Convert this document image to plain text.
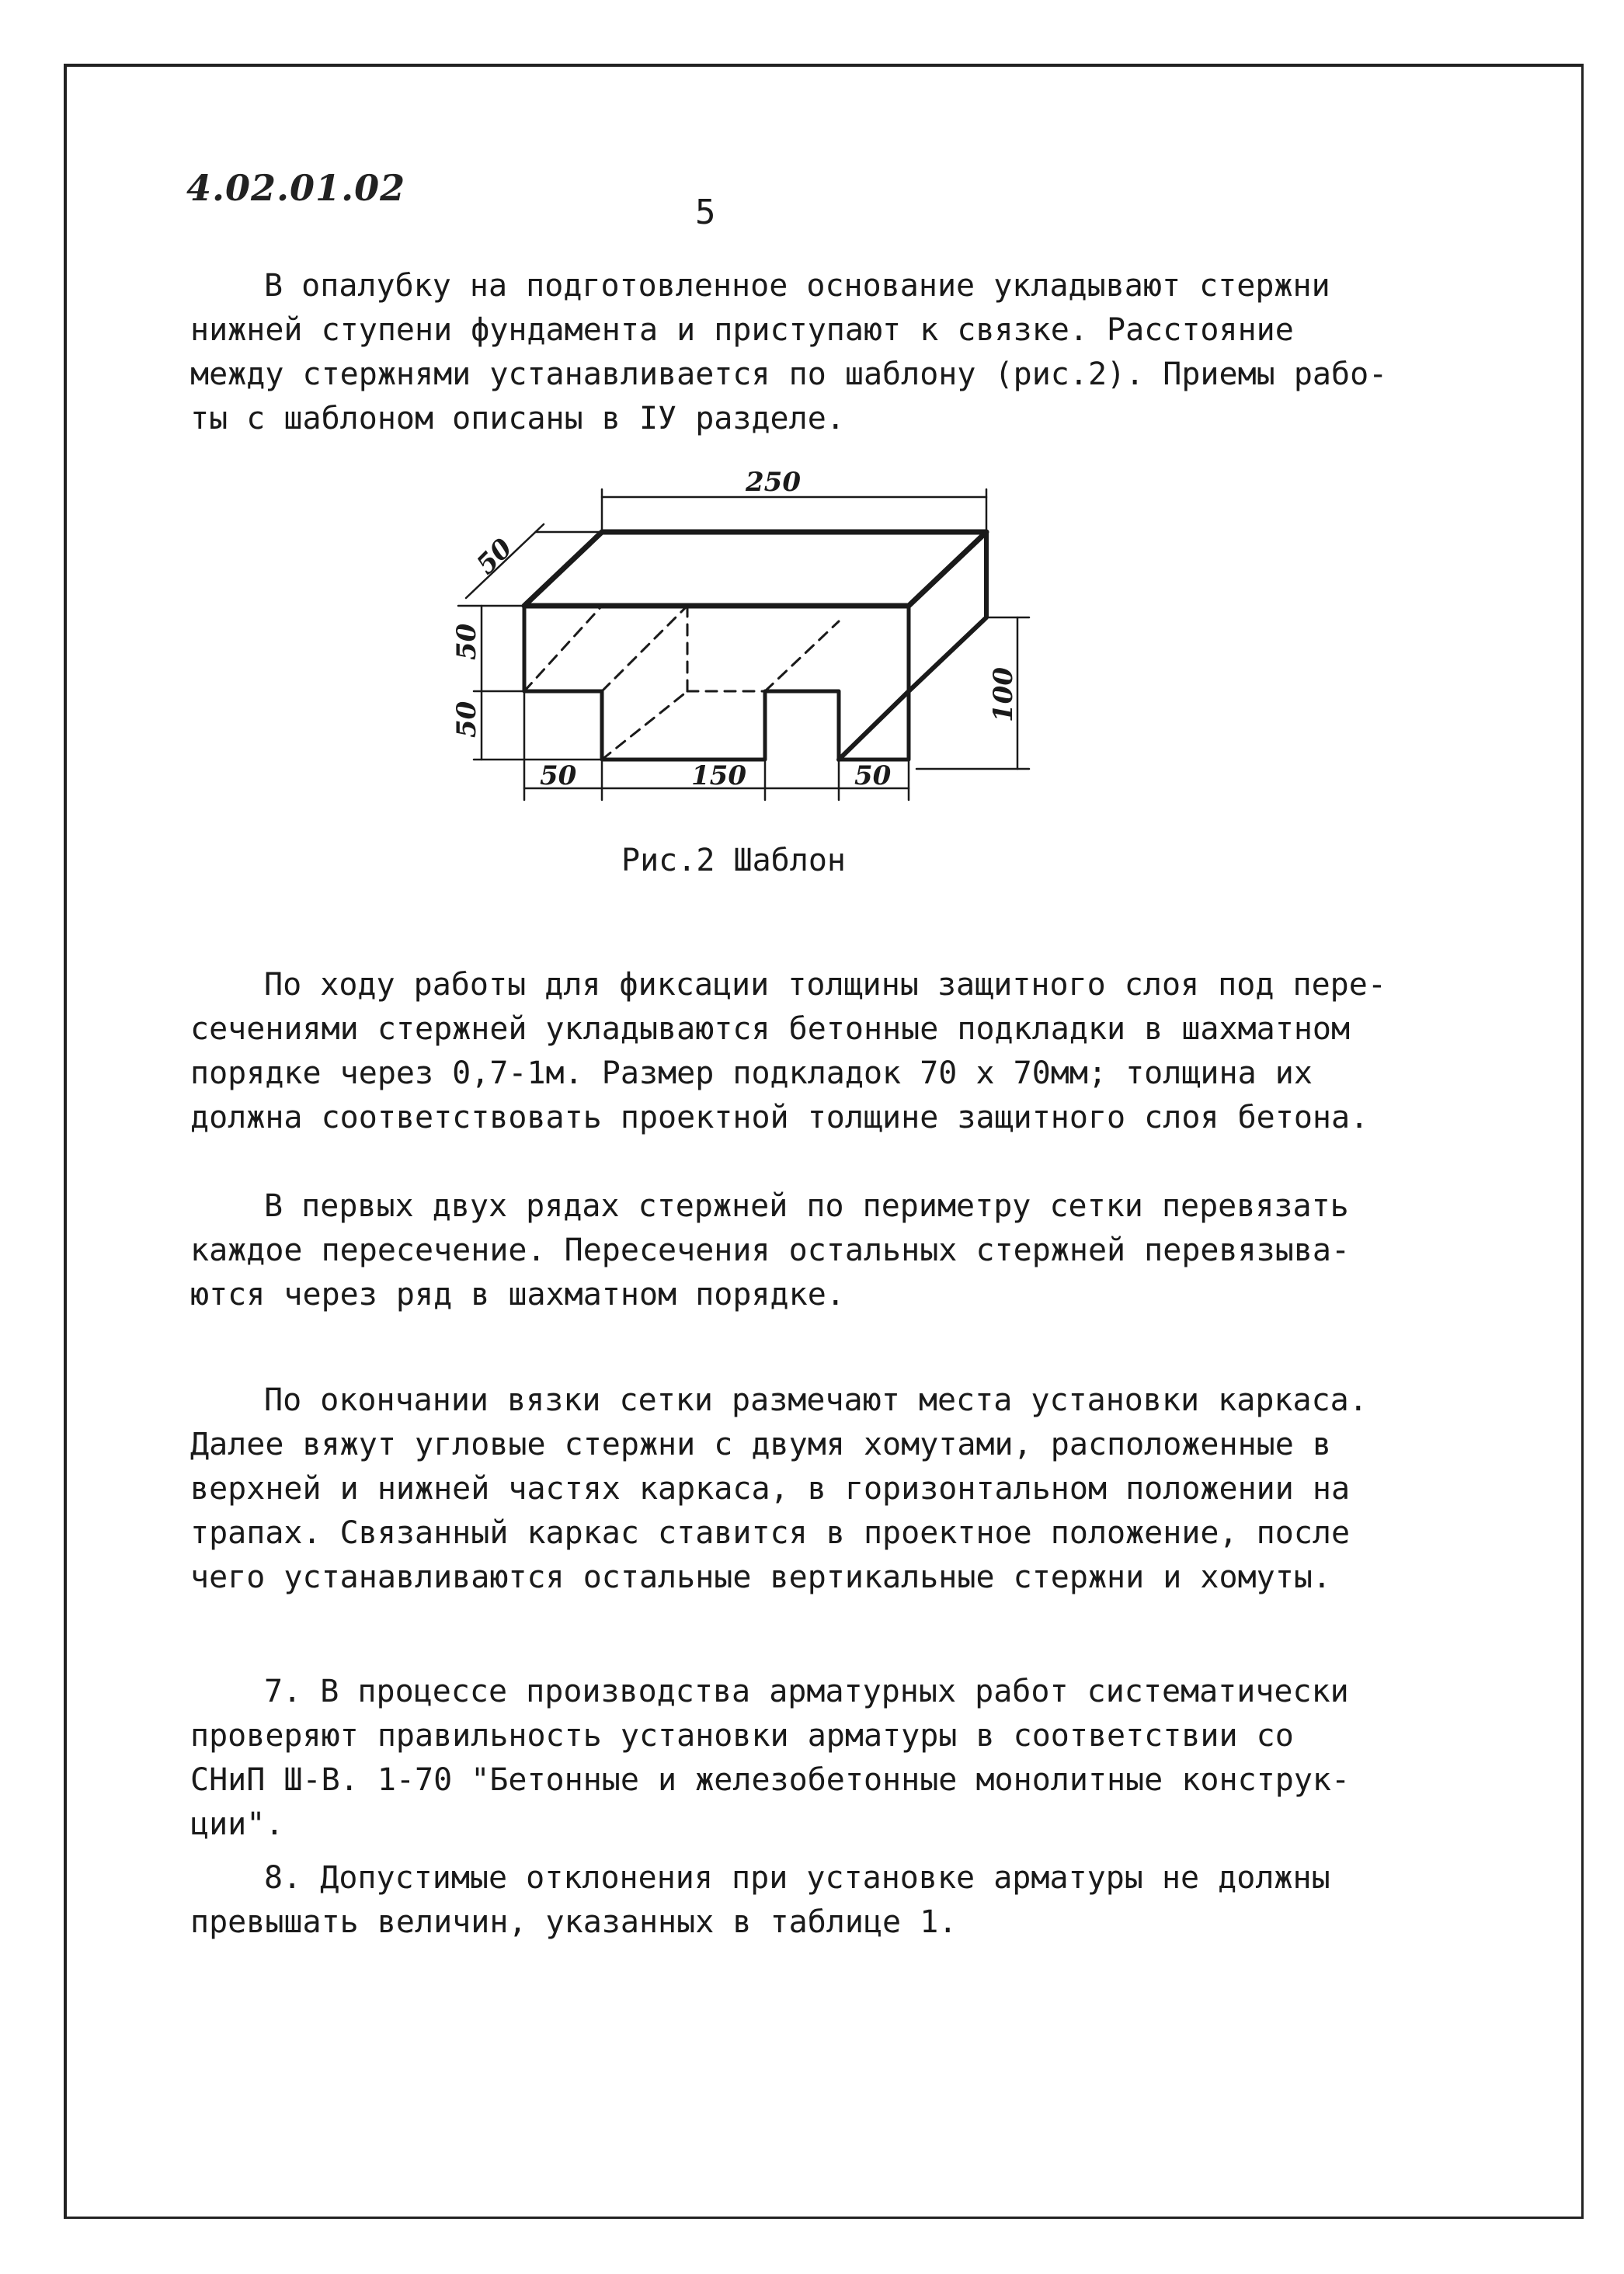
4.02.01.02
5
В опалубку на подготовленное основание укладывают стержни
нижней ступени фундамента и приступают к связке. Расстояние
между стержнями устанавливается по шаблону (рис.2). Приемы рабо-
ты с шаблоном описаны в IУ разделе.
250
50
50
50	100
50	150	50
Рис.2 Шаблон
По ходу работы для фиксации толщины защитного слоя под пере-
сечениями стержней укладываются бетонные подкладки в шахматном
порядке через 0,7-1м. Размер подкладок 70 х 70мм; толщина их
должна соответствовать проектной толщине защитного слоя бетона.
В первых двух рядах стержней по периметру сетки перевязать
каждое пересечение. Пересечения остальных стержней перевязыва-
ются через ряд в шахматном порядке.
По окончании вязки сетки размечают места установки каркаса.
Далее вяжут угловые стержни с двумя хомутами, расположенные в
верхней и нижней частях каркаса, в горизонтальном положении на
трапах. Связанный каркас ставится в проектное положение, после
чего устанавливаются остальные вертикальные стержни и хомуты.
7. В процессе производства арматурных работ систематически
проверяют правильность установки арматуры в соответствии со
СНиП Ш-В. 1-70 "Бетонные и железобетонные монолитные конструк-
ции".
8. Допустимые отклонения при установке арматуры не должны
превышать величин, указанных в таблице 1.
